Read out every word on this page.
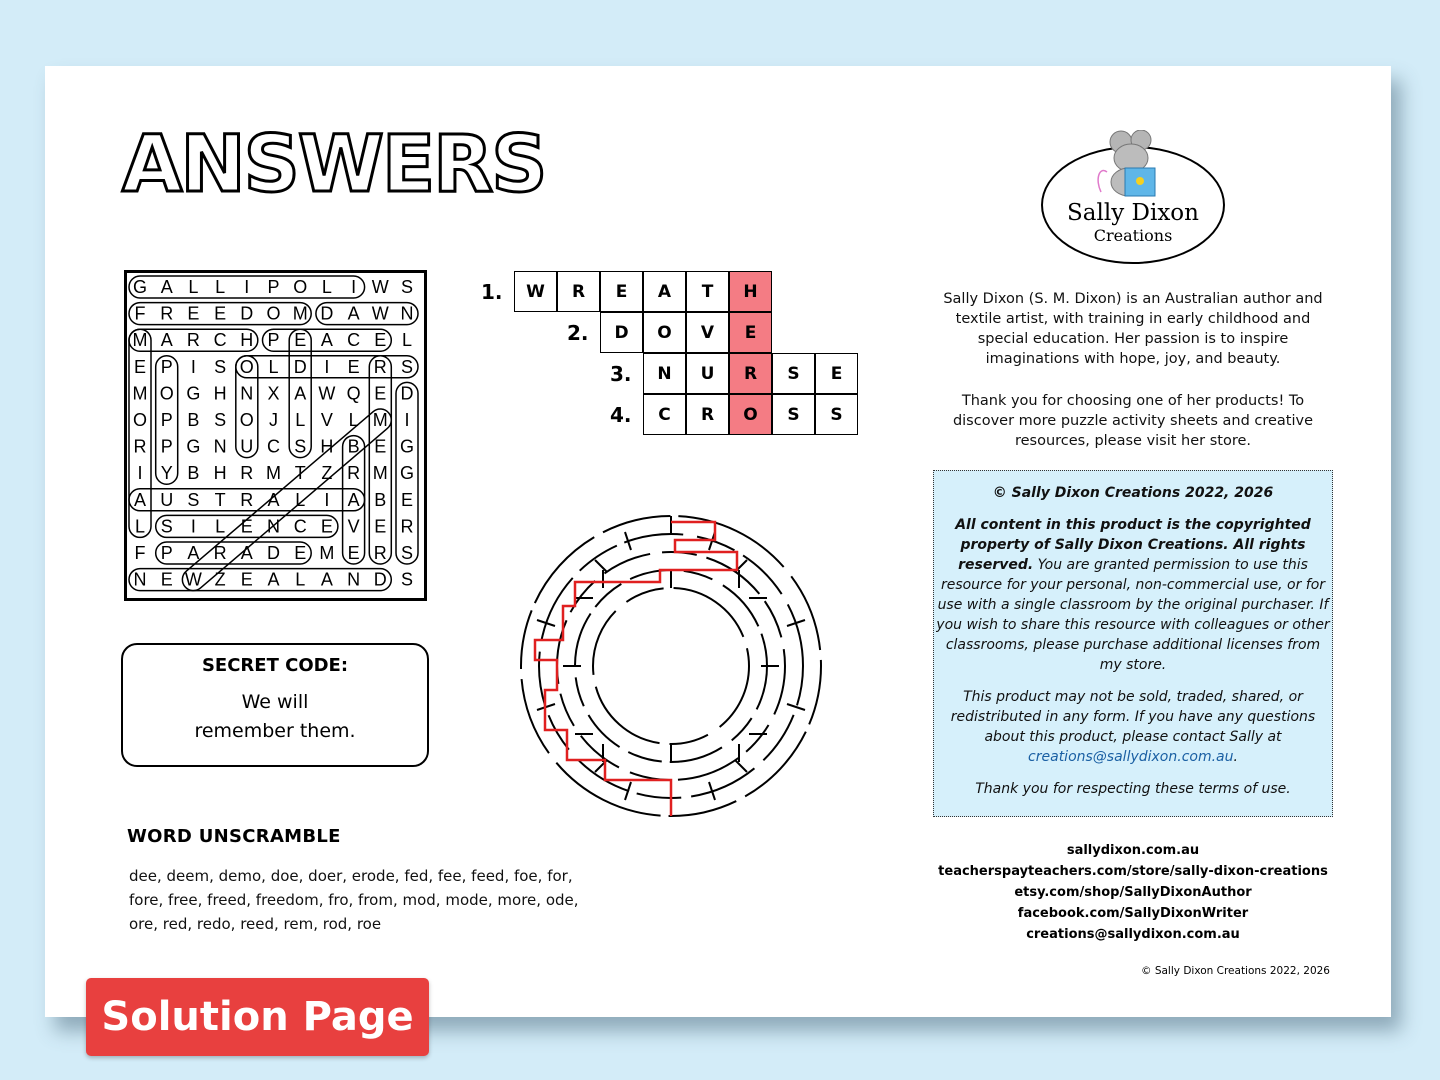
ANSWERS
G A L L I P O L I W S
F R E E D O M D A W N
M A R C H P E A C E L
E P I S O L D I E R S
M O G H N X A W Q E D
O P B S O J L V L M I
R P G N U C S H B E G
I Y B H R M T Z R M G
A U S T R A L I A B E
L S I L E N C E V E R
F P A R A D E M E R S
N E W Z E A L A N D S
SECRET CODE:
We will
remember them.
WORD UNSCRAMBLE
dee, deem, demo, doe, doer, erode, fed, fee, feed, foe, for, fore, free, freed, freedom, fro, from, mod, mode, more, ode, ore, red, redo, reed, rem, rod, roe
1.	W	R	E	A	T	H
2.	D	O	V	E
3.	N	U	R	S	E
4.	C	R	O	S	S
Sally Dixon
Creations

Sally Dixon (S. M. Dixon) is an Australian author and textile artist, with training in early childhood and special education. Her passion is to inspire imaginations with hope, joy, and beauty.

Thank you for choosing one of her products! To discover more puzzle activity sheets and creative resources, please visit her store.

© Sally Dixon Creations 2022, 2026

All content in this product is the copyrighted property of Sally Dixon Creations. All rights reserved. You are granted permission to use this resource for your personal, non-commercial use, or for use with a single classroom by the original purchaser. If you wish to share this resource with colleagues or other classrooms, please purchase additional licenses from my store.

This product may not be sold, traded, shared, or redistributed in any form. If you have any questions about this product, please contact Sally at creations@sallydixon.com.au.

Thank you for respecting these terms of use.

sallydixon.com.au
teacherspayteachers.com/store/sally-dixon-creations
etsy.com/shop/SallyDixonAuthor
facebook.com/SallyDixonWriter
creations@sallydixon.com.au
© Sally Dixon Creations 2022, 2026
Solution Page
